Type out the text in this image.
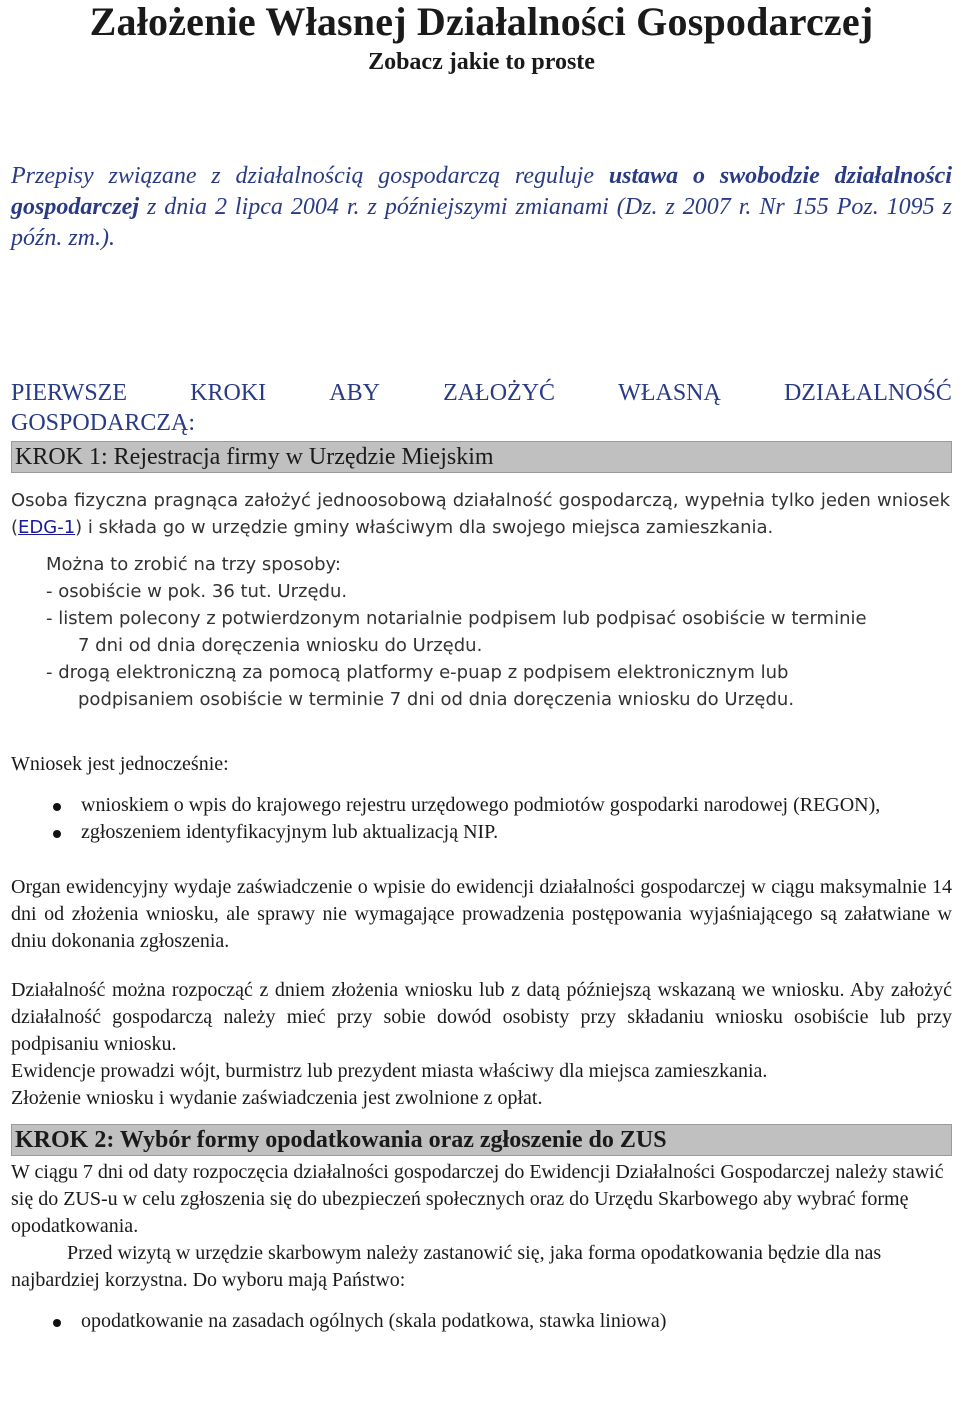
Założenie Własnej Działalności Gospodarczej
Zobacz jakie to proste

Przepisy związane z działalnością gospodarczą reguluje ustawa o swobodzie działalności gospodarczej z dnia 2 lipca 2004 r. z późniejszymi zmianami (Dz. z 2007 r. Nr 155 Poz. 1095 z późn. zm.).

PIERWSZE	KROKI	ABY	ZAŁOŻYĆ	WŁASNĄ	DZIAŁALNOŚĆ
GOSPODARCZĄ:
KROK 1: Rejestracja firmy w Urzędzie Miejskim

Osoba fizyczna pragnąca założyć jednoosobową działalność gospodarczą, wypełnia tylko jeden wniosek (EDG-1) i składa go w urzędzie gminy właściwym dla swojego miejsca zamieszkania.

Można to zrobić na trzy sposoby:

- osobiście w pok. 36 tut. Urzędu.

- listem polecony z potwierdzonym notarialnie podpisem lub podpisać osobiście w terminie
7 dni od dnia doręczenia wniosku do Urzędu.
- drogą elektroniczną za pomocą platformy e-puap z podpisem elektronicznym lub
podpisaniem osobiście w terminie 7 dni od dnia doręczenia wniosku do Urzędu.

Wniosek jest jednocześnie:

wnioskiem o wpis do krajowego rejestru urzędowego podmiotów gospodarki narodowej (REGON),
zgłoszeniem identyfikacyjnym lub aktualizacją NIP.

Organ ewidencyjny wydaje zaświadczenie o wpisie do ewidencji działalności gospodarczej w ciągu maksymalnie 14 dni od złożenia wniosku, ale sprawy nie wymagające prowadzenia postępowania wyjaśniającego są załatwiane w dniu dokonania zgłoszenia.

Działalność można rozpocząć z dniem złożenia wniosku lub z datą późniejszą wskazaną we wniosku. Aby założyć działalność gospodarczą należy mieć przy sobie dowód osobisty przy składaniu wniosku osobiście lub przy podpisaniu wniosku.

Ewidencje prowadzi wójt, burmistrz lub prezydent miasta właściwy dla miejsca zamieszkania.

Złożenie wniosku i wydanie zaświadczenia jest zwolnione z opłat.

KROK 2: Wybór formy opodatkowania oraz zgłoszenie do ZUS

W ciągu 7 dni od daty rozpoczęcia działalności gospodarczej do Ewidencji Działalności Gospodarczej należy stawić się do ZUS-u w celu zgłoszenia się do ubezpieczeń społecznych oraz do Urzędu Skarbowego aby wybrać formę opodatkowania.

Przed wizytą w urzędzie skarbowym należy zastanowić się, jaka forma opodatkowania będzie dla nas najbardziej korzystna. Do wyboru mają Państwo:

opodatkowanie na zasadach ogólnych (skala podatkowa, stawka liniowa)
